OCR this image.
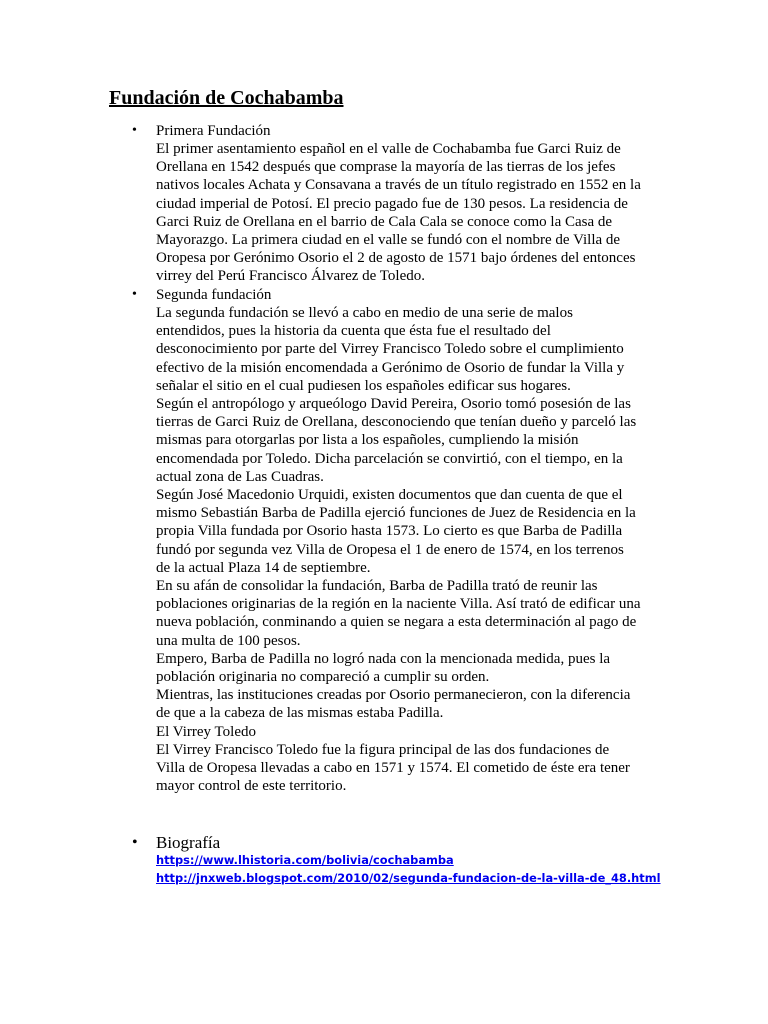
Fundación de Cochabamba
• Primera Fundación

El primer asentamiento español en el valle de Cochabamba fue Garci Ruiz de
Orellana en 1542 después que comprase la mayoría de las tierras de los jefes
nativos locales Achata y Consavana a través de un título registrado en 1552 en la
ciudad imperial de Potosí. El precio pagado fue de 130 pesos. La residencia de
Garci Ruiz de Orellana en el barrio de Cala Cala se conoce como la Casa de
Mayorazgo. La primera ciudad en el valle se fundó con el nombre de Villa de
Oropesa por Gerónimo Osorio el 2 de agosto de 1571 bajo órdenes del entonces
virrey del Perú Francisco Álvarez de Toledo.

• Segunda fundación

La segunda fundación se llevó a cabo en medio de una serie de malos
entendidos, pues la historia da cuenta que ésta fue el resultado del
desconocimiento por parte del Virrey Francisco Toledo sobre el cumplimiento
efectivo de la misión encomendada a Gerónimo de Osorio de fundar la Villa y
señalar el sitio en el cual pudiesen los españoles edificar sus hogares.
Según el antropólogo y arqueólogo David Pereira, Osorio tomó posesión de las
tierras de Garci Ruiz de Orellana, desconociendo que tenían dueño y parceló las
mismas para otorgarlas por lista a los españoles, cumpliendo la misión
encomendada por Toledo. Dicha parcelación se convirtió, con el tiempo, en la
actual zona de Las Cuadras.
Según José Macedonio Urquidi, existen documentos que dan cuenta de que el
mismo Sebastián Barba de Padilla ejerció funciones de Juez de Residencia en la
propia Villa fundada por Osorio hasta 1573. Lo cierto es que Barba de Padilla
fundó por segunda vez Villa de Oropesa el 1 de enero de 1574, en los terrenos
de la actual Plaza 14 de septiembre.
En su afán de consolidar la fundación, Barba de Padilla trató de reunir las
poblaciones originarias de la región en la naciente Villa. Así trató de edificar una
nueva población, conminando a quien se negara a esta determinación al pago de
una multa de 100 pesos.
Empero, Barba de Padilla no logró nada con la mencionada medida, pues la
población originaria no compareció a cumplir su orden.
Mientras, las instituciones creadas por Osorio permanecieron, con la diferencia
de que a la cabeza de las mismas estaba Padilla.
El Virrey Toledo
El Virrey Francisco Toledo fue la figura principal de las dos fundaciones de
Villa de Oropesa llevadas a cabo en 1571 y 1574. El cometido de éste era tener
mayor control de este territorio.

• Biografía
https://www.lhistoria.com/bolivia/cochabamba
http://jnxweb.blogspot.com/2010/02/segunda-fundacion-de-la-villa-de_48.html
